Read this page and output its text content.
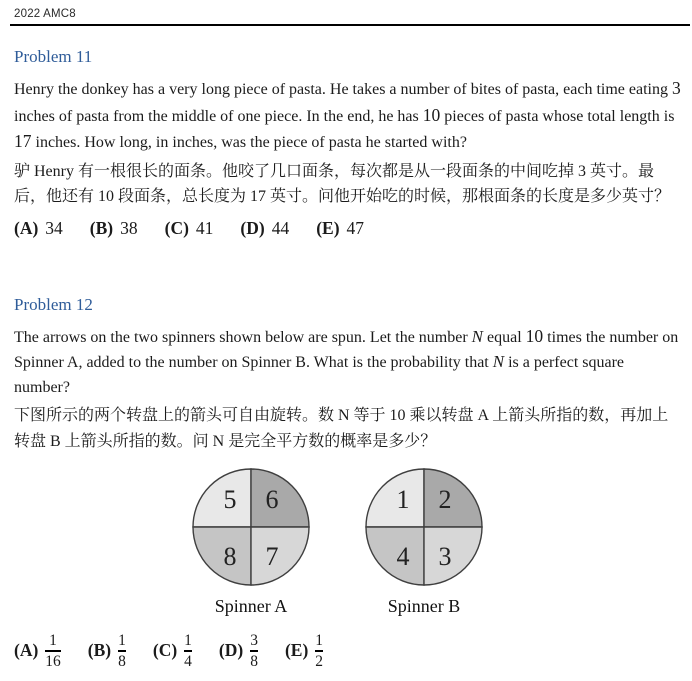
2022 AMC8
Problem 11

Henry the donkey has a very long piece of pasta. He takes a number of bites of pasta, each time eating 3 inches of pasta from the middle of one piece. In the end, he has 10 pieces of pasta whose total length is 17 inches. How long, in inches, was the piece of pasta he started with?

驴 Henry 有一根很长的面条。他咬了几口面条，每次都是从一段面条的中间吃掉 3 英寸。最后，他还有 10 段面条，总长度为 17 英寸。问他开始吃的时候，那根面条的长度是多少英寸？

(A) 34 (B) 38 (C) 41 (D) 44 (E) 47
Problem 12

The arrows on the two spinners shown below are spun. Let the number N equal 10 times the number on Spinner A, added to the number on Spinner B. What is the probability that N is a perfect square number?

下图所示的两个转盘上的箭头可自由旋转。数 N 等于 10 乘以转盘 A 上箭头所指的数，再加上转盘 B 上箭头所指的数。问 N 是完全平方数的概率是多少？

5 6
8 7
Spinner A
1 2
4 3
Spinner B
$(A) \frac{1}{16} (B) \frac{1}{8} (C) \frac{1}{4} (D) \frac{3}{8} (E) \frac{1}{2}$
